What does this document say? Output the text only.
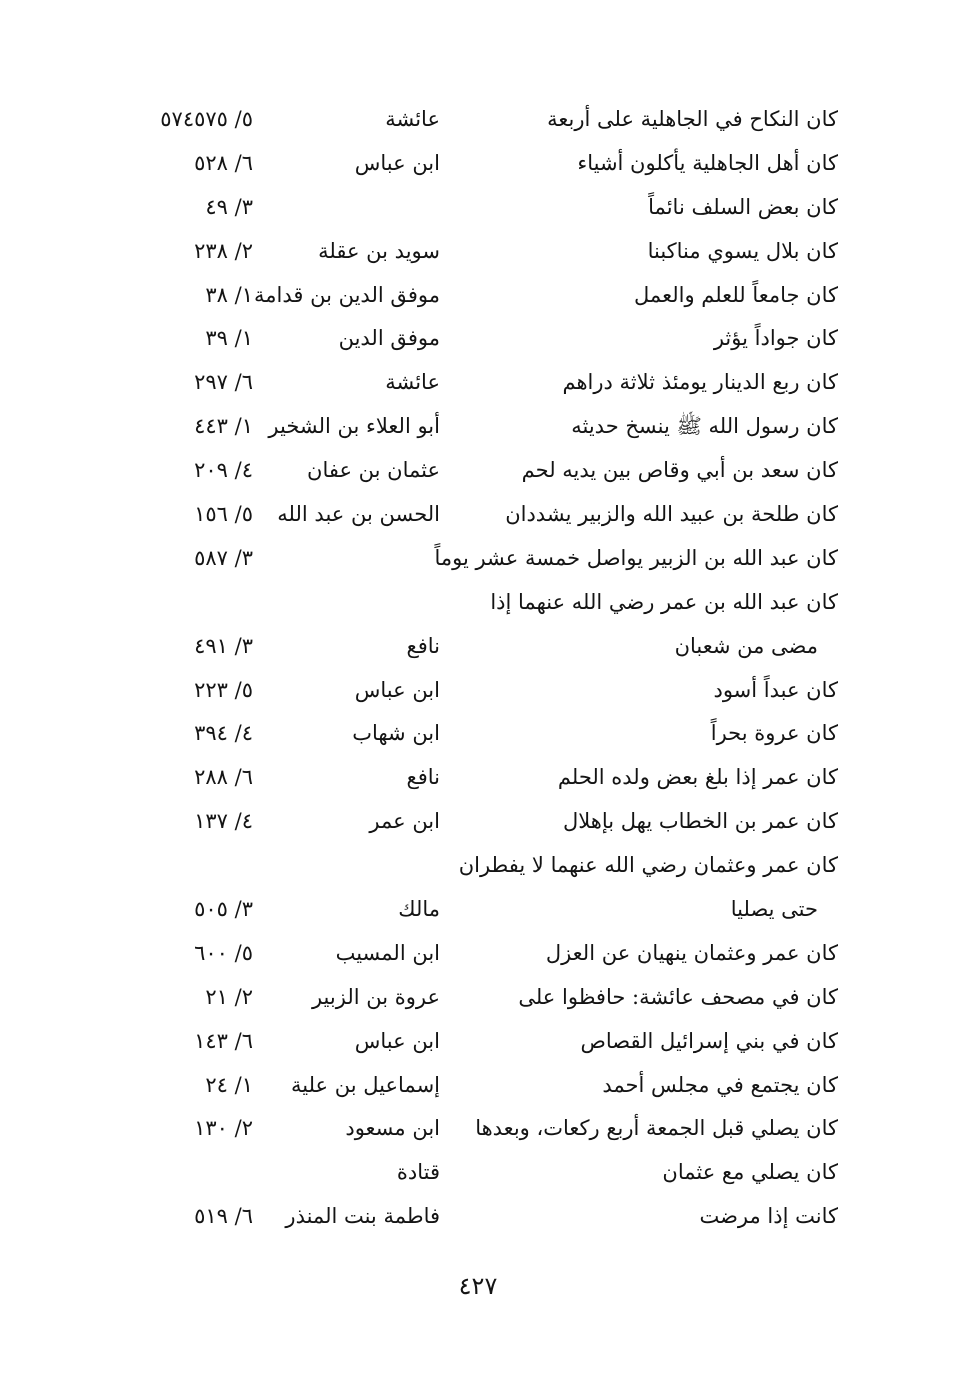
كان النكاح في الجاهلية على أربعة
عائشة
٥/ ٥٧٤٥٧٥
كان أهل الجاهلية يأكلون أشياء
ابن عباس
٦/ ٥٢٨
كان بعض السلف نائماً
٣/ ٤٩
كان بلال يسوي مناكبنا
سويد بن عقلة
٢/ ٢٣٨
كان جامعاً للعلم والعمل
موفق الدين بن قدامة
١/ ٣٨
كان جواداً يؤثر
موفق الدين
١/ ٣٩
كان ربع الدينار يومئذ ثلاثة دراهم
عائشة
٦/ ٢٩٧
كان رسول الله ﷺ ينسخ حديثه
أبو العلاء بن الشخير
١/ ٤٤٣
كان سعد بن أبي وقاص بين يديه لحم
عثمان بن عفان
٤/ ٢٠٩
كان طلحة بن عبيد الله والزبير يشددان
الحسن بن عبد الله
٥/ ١٥٦
كان عبد الله بن الزبير يواصل خمسة عشر يوماً
٣/ ٥٨٧
كان عبد الله بن عمر رضي الله عنهما إذا
مضى من شعبان
نافع
٣/ ٤٩١
كان عبداً أسود
ابن عباس
٥/ ٢٢٣
كان عروة بحراً
ابن شهاب
٤/ ٣٩٤
كان عمر إذا بلغ بعض ولده الحلم
نافع
٦/ ٢٨٨
كان عمر بن الخطاب يهل بإهلال
ابن عمر
٤/ ١٣٧
كان عمر وعثمان رضي الله عنهما لا يفطران
حتى يصليا
مالك
٣/ ٥٠٥
كان عمر وعثمان ينهيان عن العزل
ابن المسيب
٥/ ٦٠٠
كان في مصحف عائشة: حافظوا على
عروة بن الزبير
٢/ ٢١
كان في بني إسرائيل القصاص
ابن عباس
٦/ ١٤٣
كان يجتمع في مجلس أحمد
إسماعيل بن علية
١/ ٢٤
كان يصلي قبل الجمعة أربع ركعات، وبعدها
ابن مسعود
٢/ ١٣٠
كان يصلي مع عثمان
قتادة
كانت إذا مرضت
فاطمة بنت المنذر
٦/ ٥١٩
٤٢٧
